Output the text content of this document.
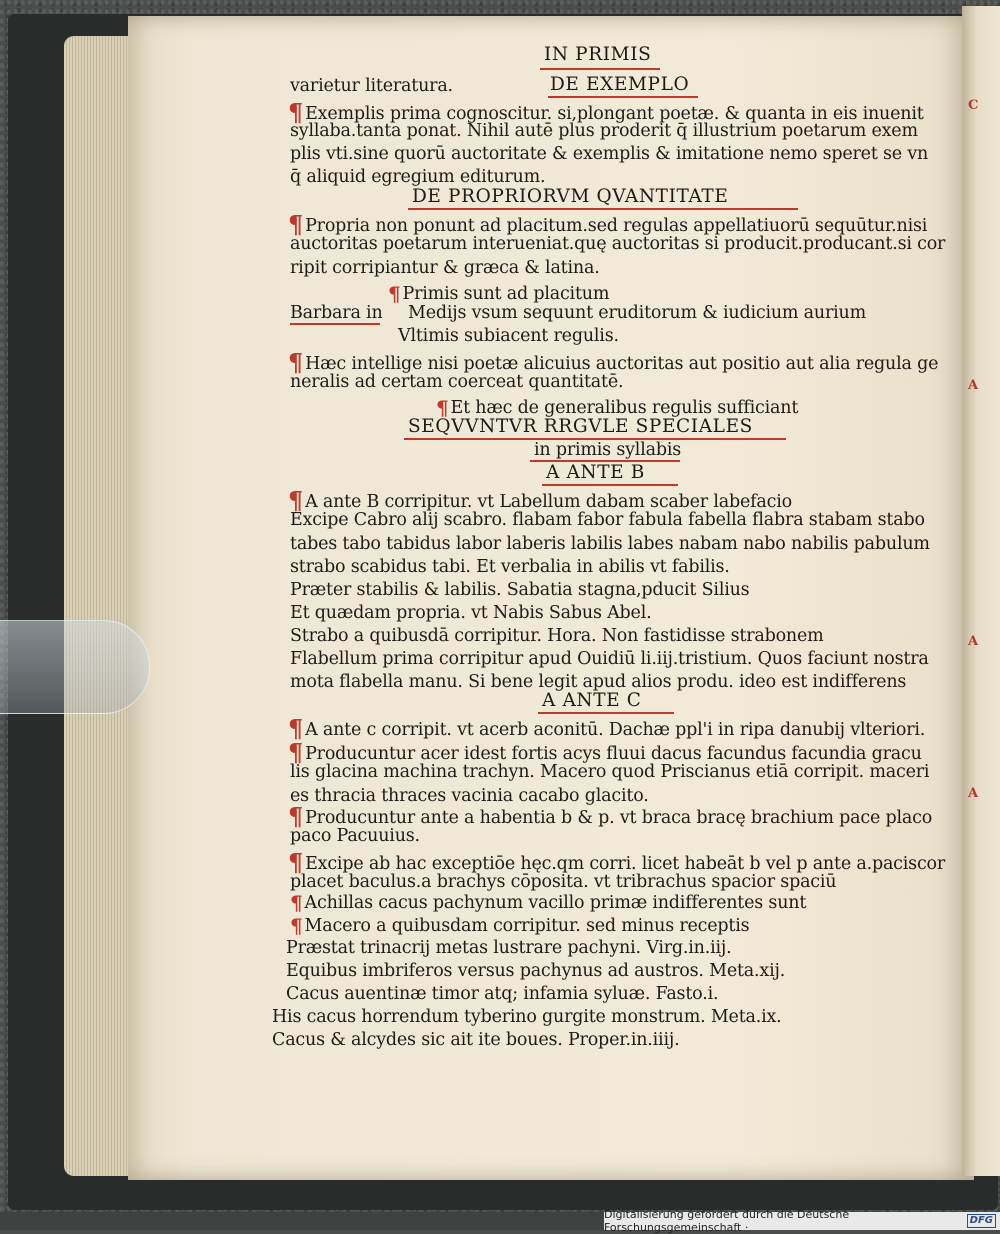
C
A
A
A
IN PRIMIS
varietur literatura.	DE EXEMPLO
¶ Exemplis prima cognoscitur. si,plongant poetæ. & quanta in eis inuenit
syllaba.tanta ponat. Nihil autē plus proderit q̄ illustrium poetarum exem
plis vti.sine quorū auctoritate & exemplis & imitatione nemo speret se vn
q̄ aliquid egregium editurum.
DE PROPRIORVM QVANTITATE
¶ Propria non ponunt ad placitum.sed regulas appellatiuorū sequūtur.nisi
auctoritas poetarum interueniat.quę auctoritas si producit.producant.si cor
ripit corripiantur & græca & latina.
¶ Primis sunt ad placitum
Barbara in Medijs vsum sequunt eruditorum & iudicium aurium
Vltimis subiacent regulis.
¶ Hæc intellige nisi poetæ alicuius auctoritas aut positio aut alia regula ge
neralis ad certam coerceat quantitatē.
¶ Et hæc de generalibus regulis sufficiant
SEQVVNTVR RRGVLE SPECIALES
in primis syllabis
A ANTE B
¶ A ante B corripitur. vt Labellum dabam scaber labefacio
Excipe Cabro alij scabro. flabam fabor fabula fabella flabra stabam stabo
tabes tabo tabidus labor laberis labilis labes nabam nabo nabilis pabulum
strabo scabidus tabi. Et verbalia in abilis vt fabilis.
Præter stabilis & labilis. Sabatia stagna,pducit Silius
Et quædam propria. vt Nabis Sabus Abel.
Strabo a quibusdā corripitur. Hora. Non fastidisse strabonem
Flabellum prima corripitur apud Ouidiū li.iij.tristium. Quos faciunt nostra
mota flabella manu. Si bene legit apud alios produ. ideo est indifferens
A ANTE C
¶ A ante c corripit. vt acerb aconitū. Dachæ ppl'i in ripa danubij vlteriori.
¶ Producuntur acer idest fortis acys fluui dacus facundus facundia gracu
lis glacina machina trachyn. Macero quod Priscianus etiā corripit. maceri
es thracia thraces vacinia cacabo glacito.
¶ Producuntur ante a habentia b & p. vt braca bracę brachium pace placo
paco Pacuuius.
¶ Excipe ab hac exceptiōe hęc.qm corri. licet habeāt b vel p ante a.paciscor
placet baculus.a brachys cōposita. vt tribrachus spacior spaciū
¶ Achillas cacus pachynum vacillo primæ indifferentes sunt
¶ Macero a quibusdam corripitur. sed minus receptis
Præstat trinacrij metas lustrare pachyni. Virg.in.iij.
Equibus imbriferos versus pachynus ad austros. Meta.xij.
Cacus auentinæ timor atq; infamia syluæ. Fasto.i.
His cacus horrendum tyberino gurgite monstrum. Meta.ix.
Cacus & alcydes sic ait ite boues. Proper.in.iiij.
Digitalisierung gefördert durch die Deutsche Forschungsgemeinschaft ·
DFG
